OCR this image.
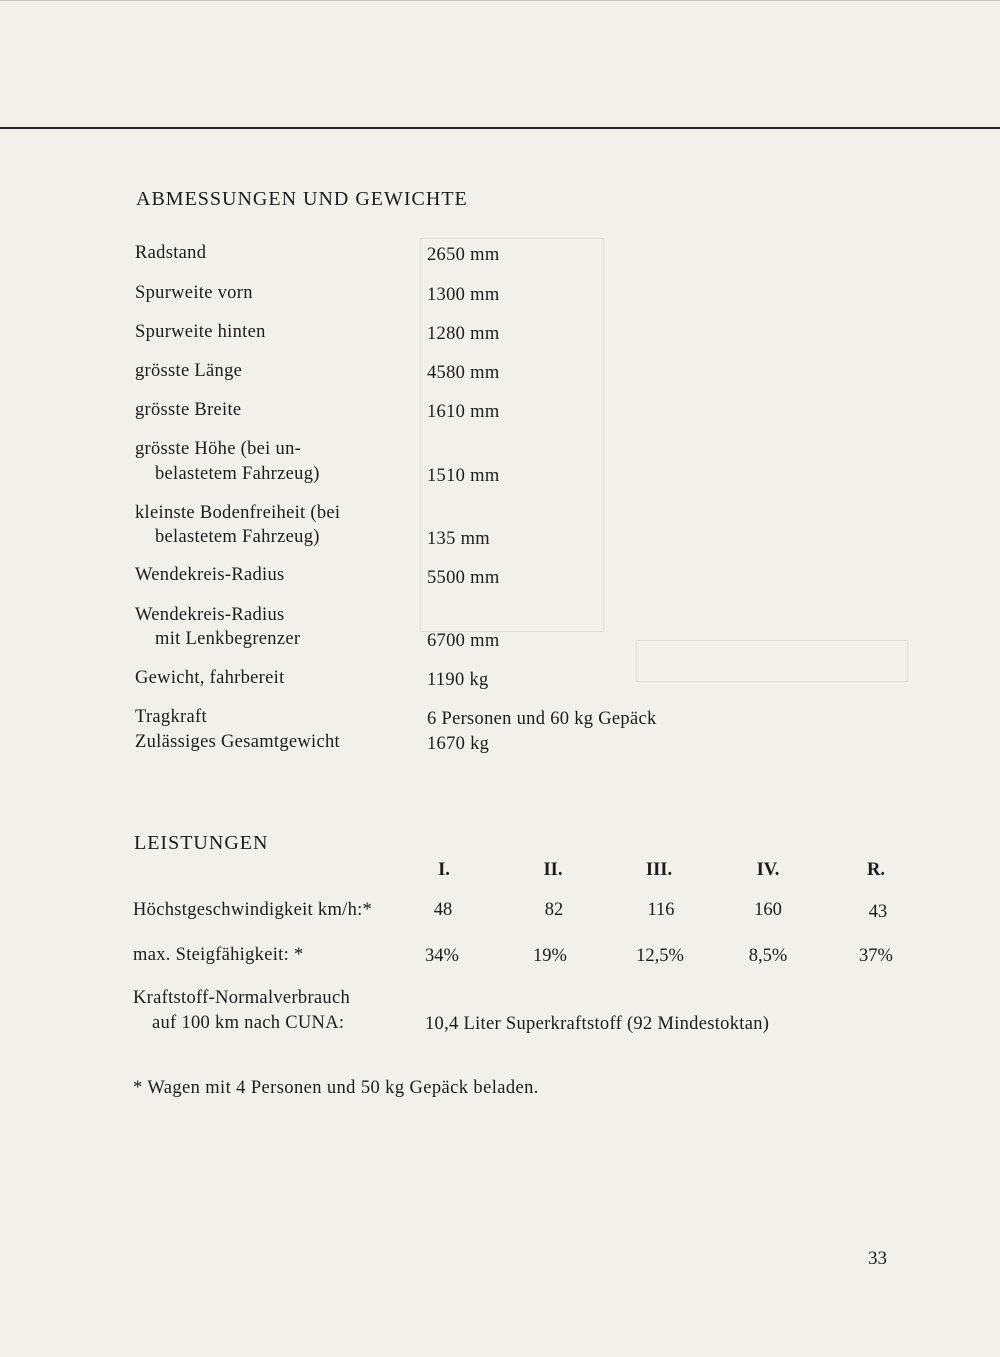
ABMESSUNGEN UND GEWICHTE
Radstand	2650 mm
Spurweite vorn	1300 mm
Spurweite hinten	1280 mm
grösste Länge	4580 mm
grösste Breite	1610 mm
grösste Höhe (bei un-
belastetem Fahrzeug)	1510 mm
kleinste Bodenfreiheit (bei
belastetem Fahrzeug)	135 mm
Wendekreis-Radius	5500 mm
Wendekreis-Radius
mit Lenkbegrenzer	6700 mm
Gewicht, fahrbereit	1190 kg
Tragkraft	6 Personen und 60 kg Gepäck
Zulässiges Gesamtgewicht	1670 kg
LEISTUNGEN
I.	II.	III.	IV.	R.
Höchstgeschwindigkeit km/h:*	48	82	116	160	43
max. Steigfähigkeit: *	34%	19%	12,5%	8,5%	37%
Kraftstoff-Normalverbrauch
auf 100 km nach CUNA:	10,4 Liter Superkraftstoff (92 Mindestoktan)
* Wagen mit 4 Personen und 50 kg Gepäck beladen.
33
